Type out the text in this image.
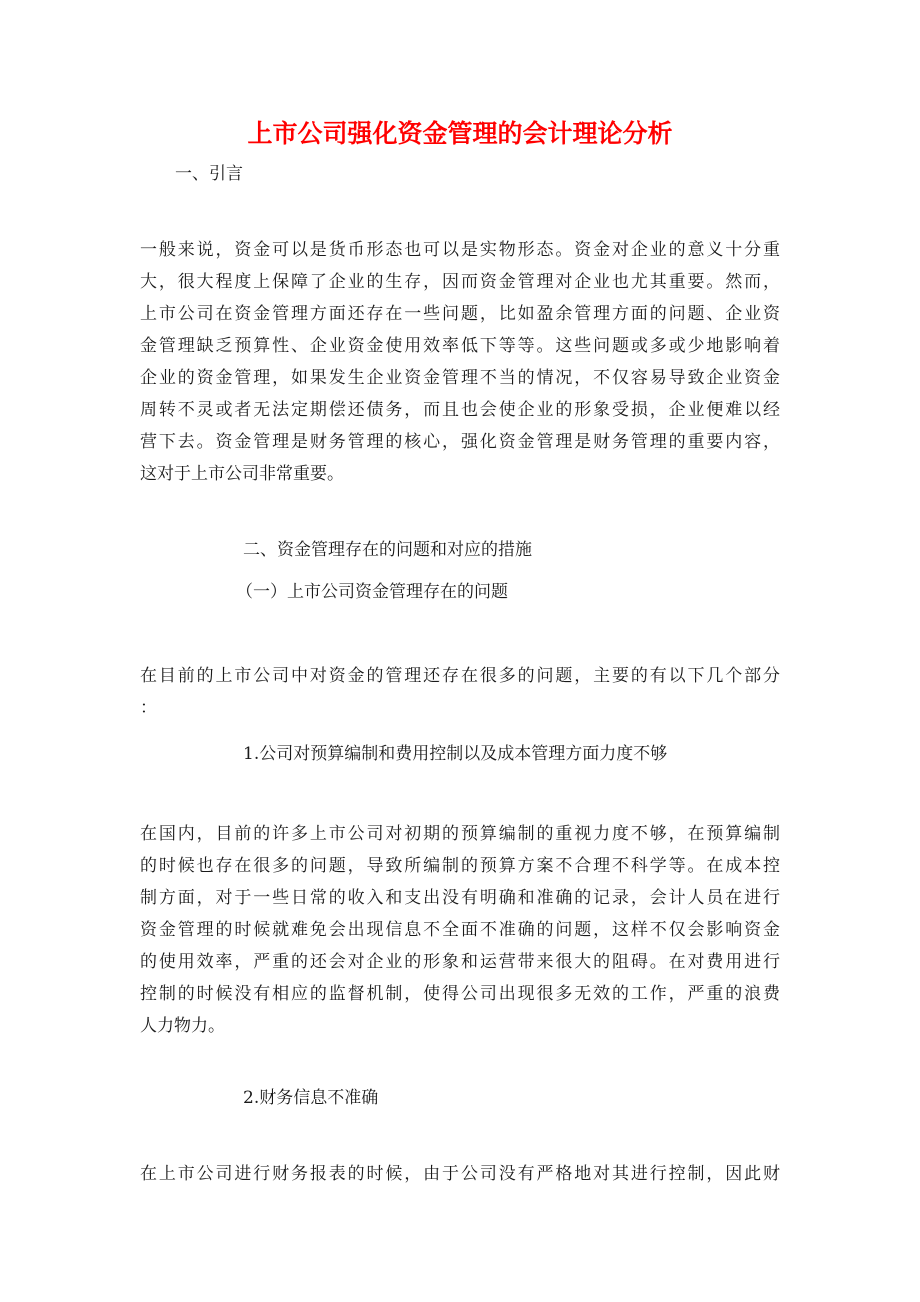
上市公司强化资金管理的会计理论分析
一、引言
一般来说，资金可以是货币形态也可以是实物形态。资金对企业的意义十分重
大，很大程度上保障了企业的生存，因而资金管理对企业也尤其重要。然而，
上市公司在资金管理方面还存在一些问题，比如盈余管理方面的问题、企业资
金管理缺乏预算性、企业资金使用效率低下等等。这些问题或多或少地影响着
企业的资金管理，如果发生企业资金管理不当的情况，不仅容易导致企业资金
周转不灵或者无法定期偿还债务，而且也会使企业的形象受损，企业便难以经
营下去。资金管理是财务管理的核心，强化资金管理是财务管理的重要内容，
这对于上市公司非常重要。
二、资金管理存在的问题和对应的措施
（一）上市公司资金管理存在的问题
在目前的上市公司中对资金的管理还存在很多的问题，主要的有以下几个部分
：
1.公司对预算编制和费用控制以及成本管理方面力度不够
在国内，目前的许多上市公司对初期的预算编制的重视力度不够，在预算编制
的时候也存在很多的问题，导致所编制的预算方案不合理不科学等。在成本控
制方面，对于一些日常的收入和支出没有明确和准确的记录，会计人员在进行
资金管理的时候就难免会出现信息不全面不准确的问题，这样不仅会影响资金
的使用效率，严重的还会对企业的形象和运营带来很大的阻碍。在对费用进行
控制的时候没有相应的监督机制，使得公司出现很多无效的工作，严重的浪费
人力物力。
2.财务信息不准确
在上市公司进行财务报表的时候，由于公司没有严格地对其进行控制，因此财
